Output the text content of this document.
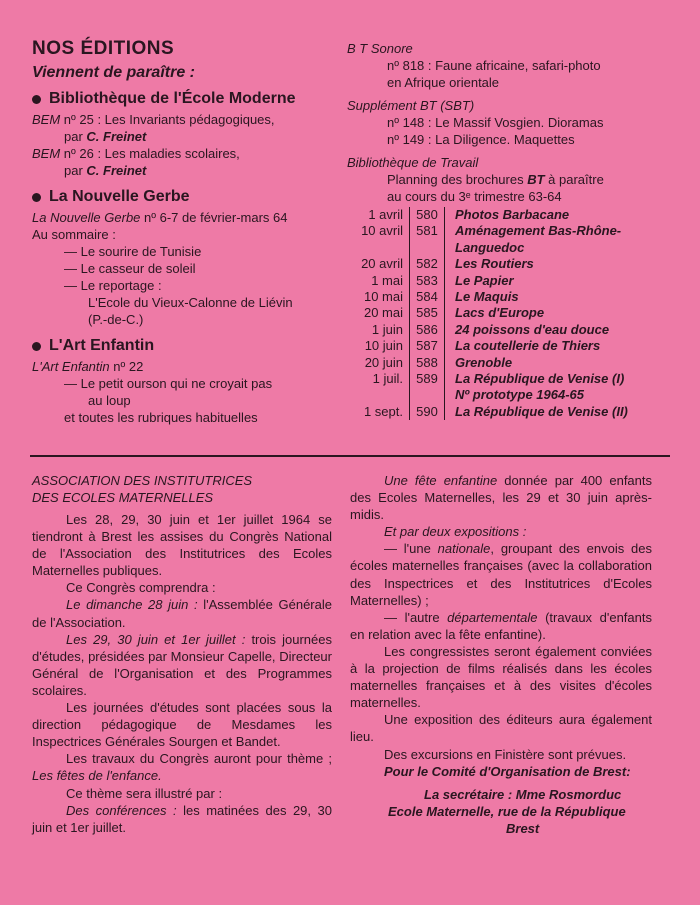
NOS ÉDITIONS
Viennent de paraître :
Bibliothèque de l'École Moderne
BEM nº 25 : Les Invariants pédagogiques,
par C. Freinet
BEM nº 26 : Les maladies scolaires,
par C. Freinet
La Nouvelle Gerbe
La Nouvelle Gerbe nº 6-7 de février-mars 64
Au sommaire :
— Le sourire de Tunisie
— Le casseur de soleil
— Le reportage :
L'Ecole du Vieux-Calonne de Liévin
(P.-de-C.)
L'Art Enfantin
L'Art Enfantin nº 22
— Le petit ourson qui ne croyait pas
au loup
et toutes les rubriques habituelles
B T Sonore
nº 818 : Faune africaine, safari-photo
en Afrique orientale
Supplément BT (SBT)
nº 148 : Le Massif Vosgien. Dioramas
nº 149 : La Diligence. Maquettes
Bibliothèque de Travail
Planning des brochures BT à paraître
au cours du 3ᵉ trimestre 63-64
1 avril	580	Photos Barbacane
10 avril	581	Aménagement Bas-Rhône-
		Languedoc
20 avril	582	Les Routiers
1 mai	583	Le Papier
10 mai	584	Le Maquis
20 mai	585	Lacs d'Europe
1 juin	586	24 poissons d'eau douce
10 juin	587	La coutellerie de Thiers
20 juin	588	Grenoble
1 juil.	589	La République de Venise (I)
		Nº prototype 1964-65
1 sept.	590	La République de Venise (II)
ASSOCIATION DES INSTITUTRICES
DES ECOLES MATERNELLES

Les 28, 29, 30 juin et 1er juillet 1964 se tiendront à Brest les assises du Congrès National de l'Association des Institutrices des Ecoles Maternelles publiques.

Ce Congrès comprendra :

Le dimanche 28 juin : l'Assemblée Générale de l'Association.

Les 29, 30 juin et 1er juillet : trois journées d'études, présidées par Monsieur Capelle, Directeur Général de l'Organisation et des Programmes scolaires.

Les journées d'études sont placées sous la direction pédagogique de Mesdames les Inspectrices Générales Sourgen et Bandet.

Les travaux du Congrès auront pour thème ; Les fêtes de l'enfance.

Ce thème sera illustré par :

Des conférences : les matinées des 29, 30 juin et 1er juillet.

Une fête enfantine donnée par 400 enfants des Ecoles Maternelles, les 29 et 30 juin après-midis.

Et par deux expositions :

— l'une nationale, groupant des envois des écoles maternelles françaises (avec la collaboration des Inspectrices et des Institutrices d'Ecoles Maternelles) ;

— l'autre départementale (travaux d'enfants en relation avec la fête enfantine).

Les congressistes seront également conviées à la projection de films réalisés dans les écoles maternelles françaises et à des visites d'écoles maternelles.

Une exposition des éditeurs aura également lieu.

Des excursions en Finistère sont prévues.

Pour le Comité d'Organisation de Brest:

La secrétaire : Mme Rosmorduc
Ecole Maternelle, rue de la République
Brest
